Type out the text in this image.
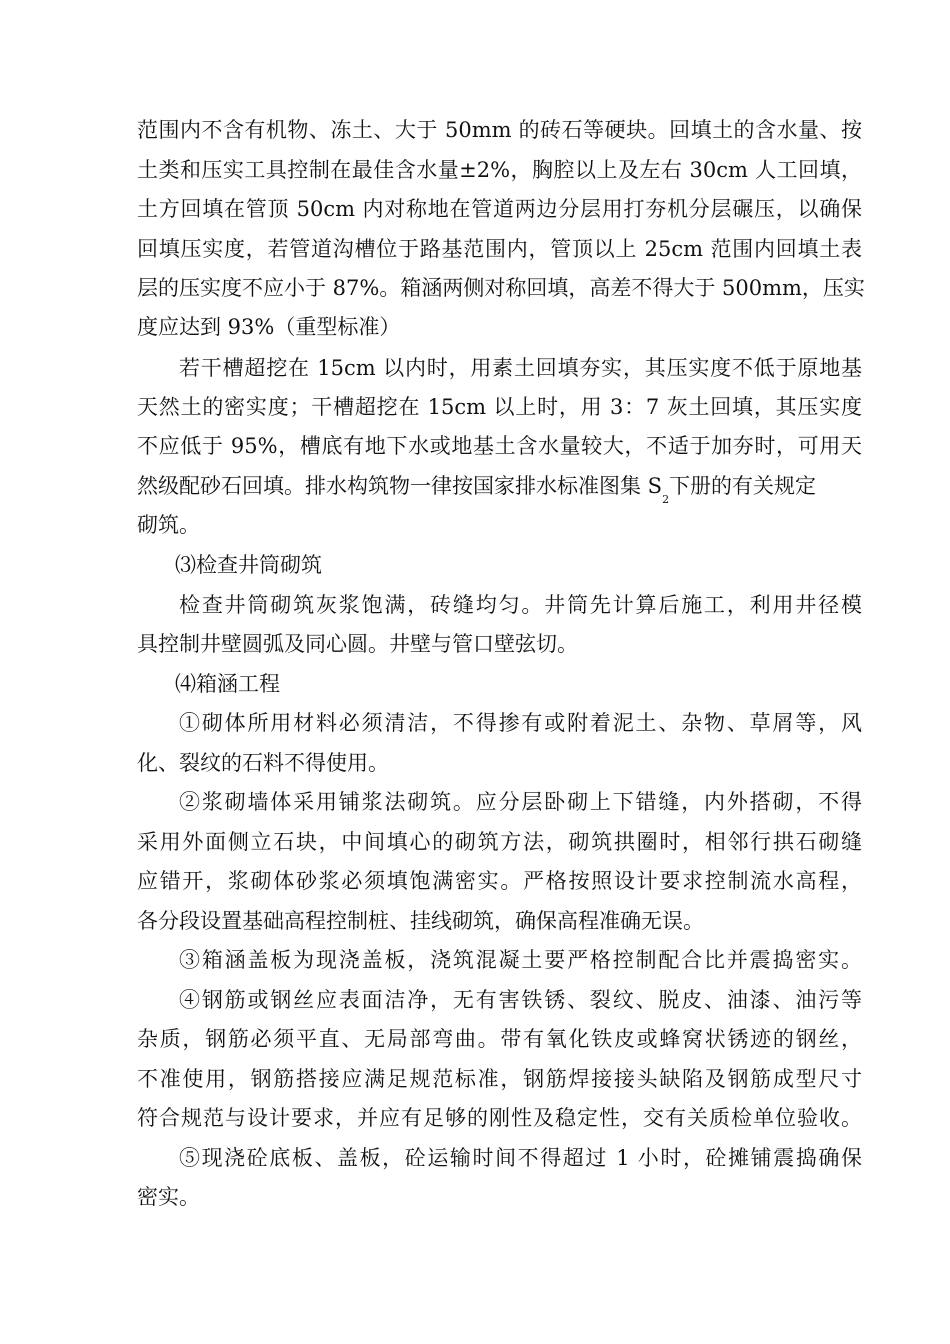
范围内不含有机物、冻土、大于 50mm 的砖石等硬块。回填土的含水量、按
土类和压实工具控制在最佳含水量±2%，胸腔以上及左右 30cm 人工回填，
土方回填在管顶 50cm 内对称地在管道两边分层用打夯机分层碾压，以确保
回填压实度，若管道沟槽位于路基范围内，管顶以上 25cm 范围内回填土表
层的压实度不应小于 87%。箱涵两侧对称回填，高差不得大于 500mm，压实
度应达到 93%（重型标准）
若干槽超挖在 15cm 以内时，用素土回填夯实，其压实度不低于原地基
天然土的密实度；干槽超挖在 15cm 以上时，用 3：7 灰土回填，其压实度
不应低于 95%，槽底有地下水或地基土含水量较大，不适于加夯时，可用天
然级配砂石回填。排水构筑物一律按国家排水标准图集 $S_2$下册的有关规定
砌筑。
⑶检查井筒砌筑
检查井筒砌筑灰浆饱满，砖缝均匀。井筒先计算后施工，利用井径模
具控制井壁圆弧及同心圆。井壁与管口壁弦切。
⑷箱涵工程
①砌体所用材料必须清洁，不得掺有或附着泥土、杂物、草屑等，风
化、裂纹的石料不得使用。
②浆砌墙体采用铺浆法砌筑。应分层卧砌上下错缝，内外搭砌，不得
采用外面侧立石块，中间填心的砌筑方法，砌筑拱圈时，相邻行拱石砌缝
应错开，浆砌体砂浆必须填饱满密实。严格按照设计要求控制流水高程，
各分段设置基础高程控制桩、挂线砌筑，确保高程准确无误。
③箱涵盖板为现浇盖板，浇筑混凝土要严格控制配合比并震捣密实。
④钢筋或钢丝应表面洁净，无有害铁锈、裂纹、脱皮、油漆、油污等
杂质，钢筋必须平直、无局部弯曲。带有氧化铁皮或蜂窝状锈迹的钢丝，
不准使用，钢筋搭接应满足规范标准，钢筋焊接接头缺陷及钢筋成型尺寸
符合规范与设计要求，并应有足够的刚性及稳定性，交有关质检单位验收。
⑤现浇砼底板、盖板，砼运输时间不得超过 1 小时，砼摊铺震捣确保
密实。
